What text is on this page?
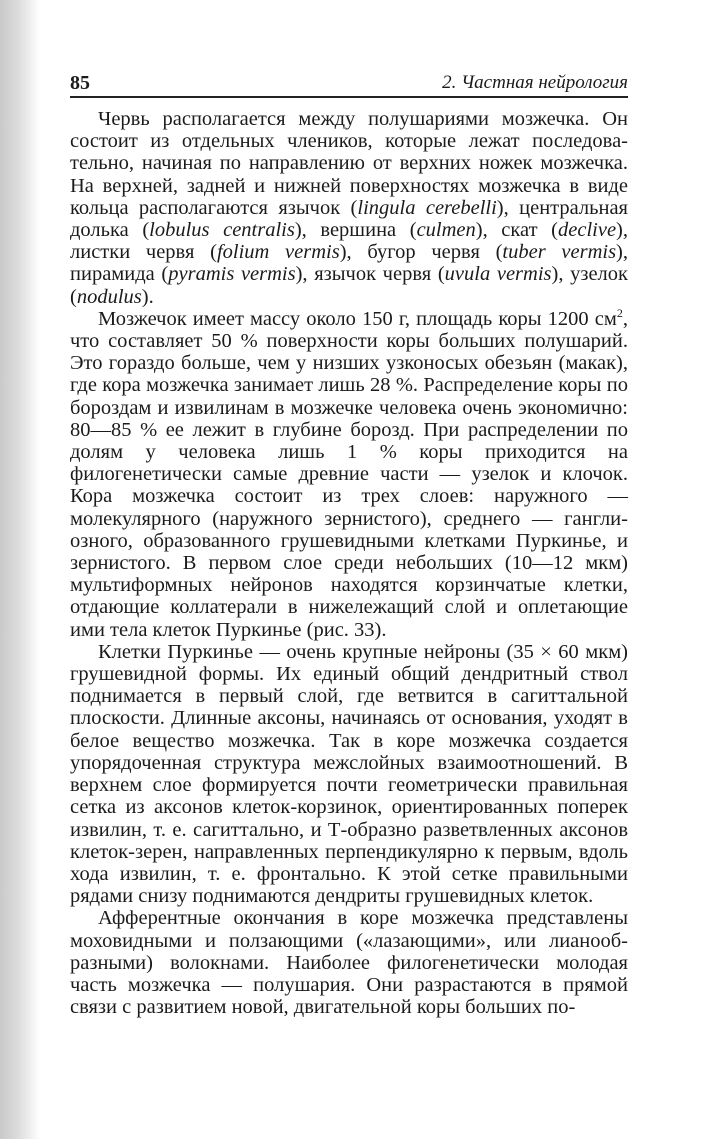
85	2. Частная нейрология

Червь располагается между полушариями мозжечка. Он состоит из отдельных члеников, которые лежат последовательно, начиная по направлению от верхних ножек мозжечка. На верхней, задней и нижней поверхностях мозжечка в виде кольца располагаются язычок (lingula cerebelli), центральная долька (lobulus centralis), вершина (culmen), скат (declive), листки червя (folium vermis), бугор червя (tuber vermis), пирамида (pyramis vermis), язычок червя (uvula vermis), узелок (nodulus).

Мозжечок имеет массу около 150 г, площадь коры 1200 $см^2$, что составляет 50 % поверхности коры больших полушарий. Это гораздо больше, чем у низших узконосых обезьян (макак), где кора мозжечка занимает лишь 28 %. Распределение коры по бороздам и извилинам в мозжечке человека очень экономично: 80—85 % ее лежит в глубине борозд. При распределении по долям у человека лишь 1 % коры приходится на филогенетически самые древние части — узелок и клочок. Кора мозжечка состоит из трех слоев: наружного — молекулярного (наружного зернистого), среднего — ганглиозного, образованного грушевидными клетками Пуркинье, и зернистого. В первом слое среди небольших (10—12 мкм) мультиформных нейронов находятся корзинчатые клетки, отдающие коллатерали в нижележащий слой и оплетающие ими тела клеток Пуркинье (рис. 33).

Клетки Пуркинье — очень крупные нейроны (35 × 60 мкм) грушевидной формы. Их единый общий дендритный ствол поднимается в первый слой, где ветвится в сагиттальной плоскости. Длинные аксоны, начинаясь от основания, уходят в белое вещество мозжечка. Так в коре мозжечка создается упорядоченная структура межслойных взаимоотношений. В верхнем слое формируется почти геометрически правильная сетка из аксонов клеток-корзинок, ориентированных поперек извилин, т. е. сагиттально, и Т-образно разветвленных аксонов клеток-зерен, направленных перпендикулярно к первым, вдоль хода извилин, т. е. фронтально. К этой сетке правильными рядами снизу поднимаются дендриты грушевидных клеток.

Афферентные окончания в коре мозжечка представлены моховидными и ползающими («лазающими», или лианообразными) волокнами. Наиболее филогенетически молодая часть мозжечка — полушария. Они разрастаются в прямой связи с развитием новой, двигательной коры больших по-
